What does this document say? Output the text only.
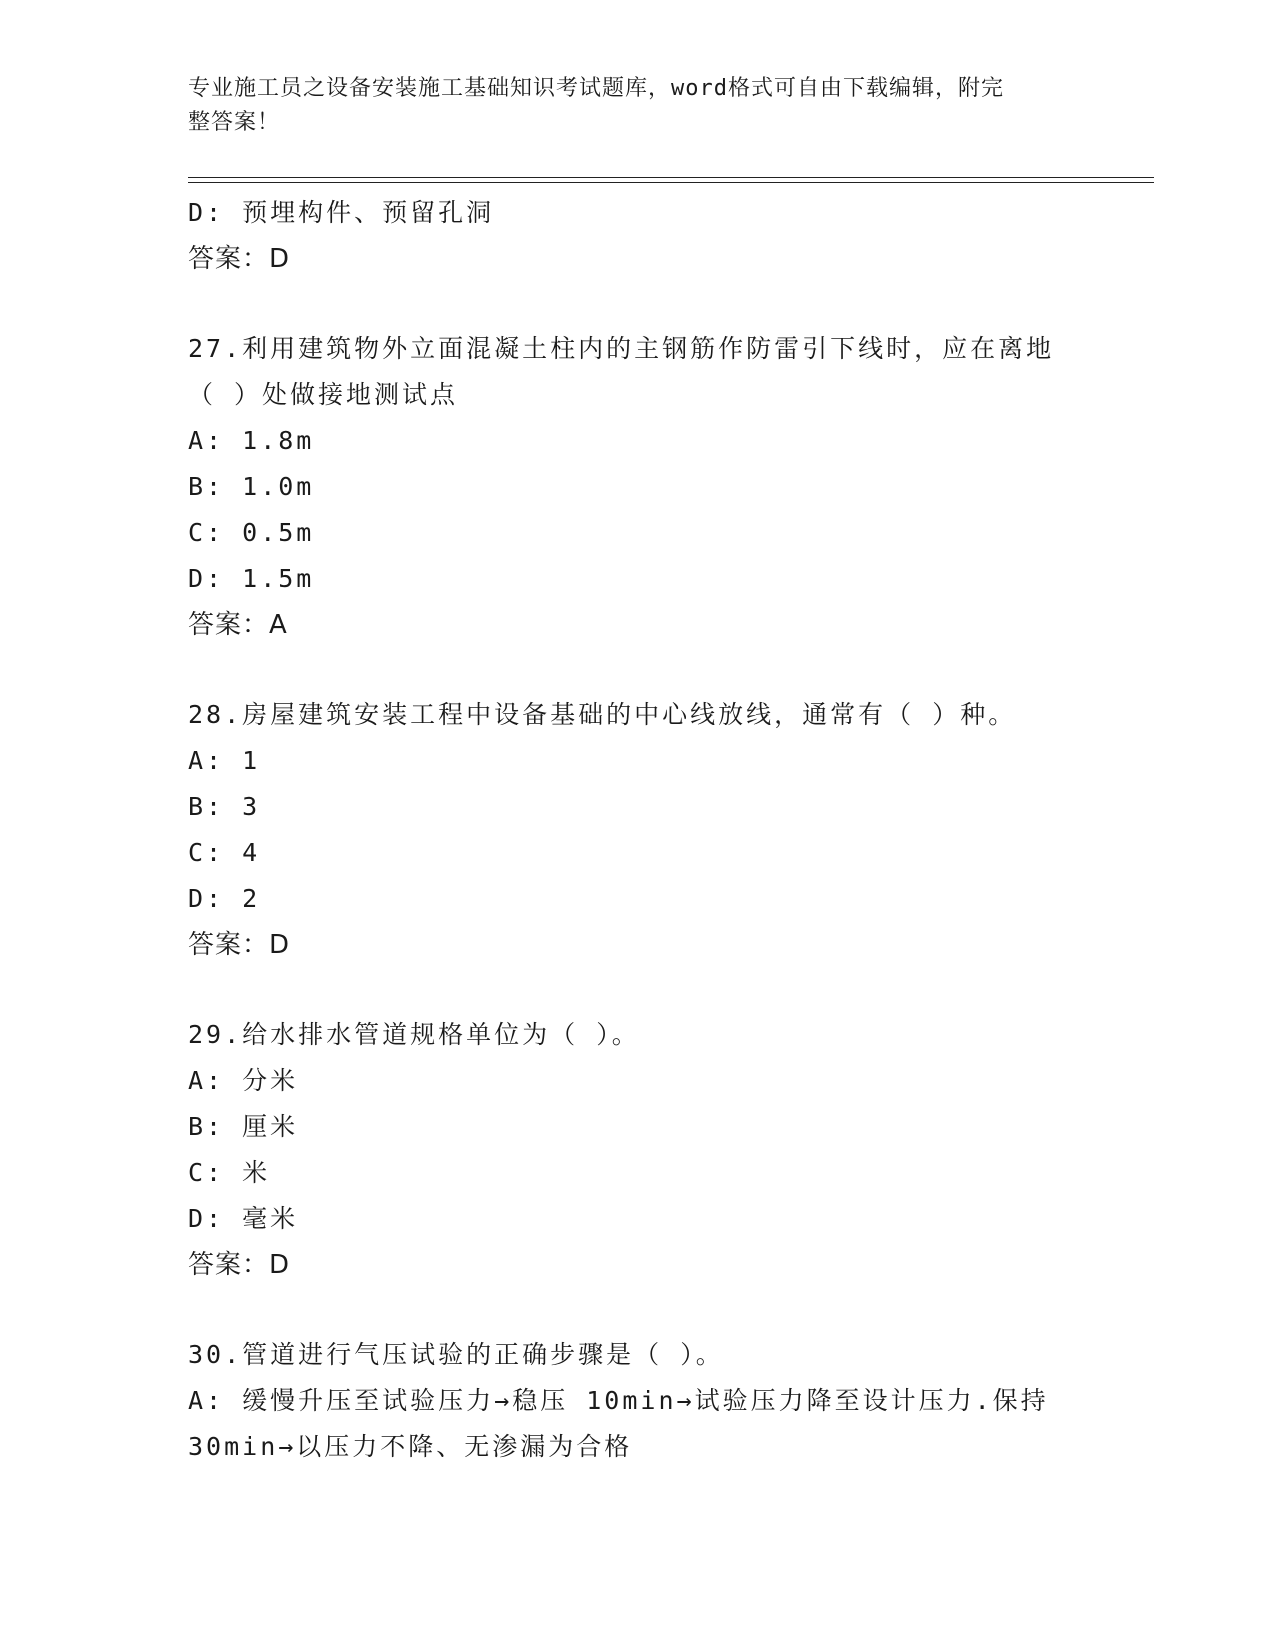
专业施工员之设备安装施工基础知识考试题库，word格式可自由下载编辑，附完
整答案！
D: 预埋构件、预留孔洞
答案：D
27.利用建筑物外立面混凝土柱内的主钢筋作防雷引下线时，应在离地
（ ）处做接地测试点
A: 1.8m
B: 1.0m
C: 0.5m
D: 1.5m
答案：A
28.房屋建筑安装工程中设备基础的中心线放线，通常有（ ）种。
A: 1
B: 3
C: 4
D: 2
答案：D
29.给水排水管道规格单位为（ ）。
A: 分米
B: 厘米
C: 米
D: 毫米
答案：D
30.管道进行气压试验的正确步骤是（ ）。
A: 缓慢升压至试验压力→稳压 10min→试验压力降至设计压力.保持
30min→以压力不降、无渗漏为合格
